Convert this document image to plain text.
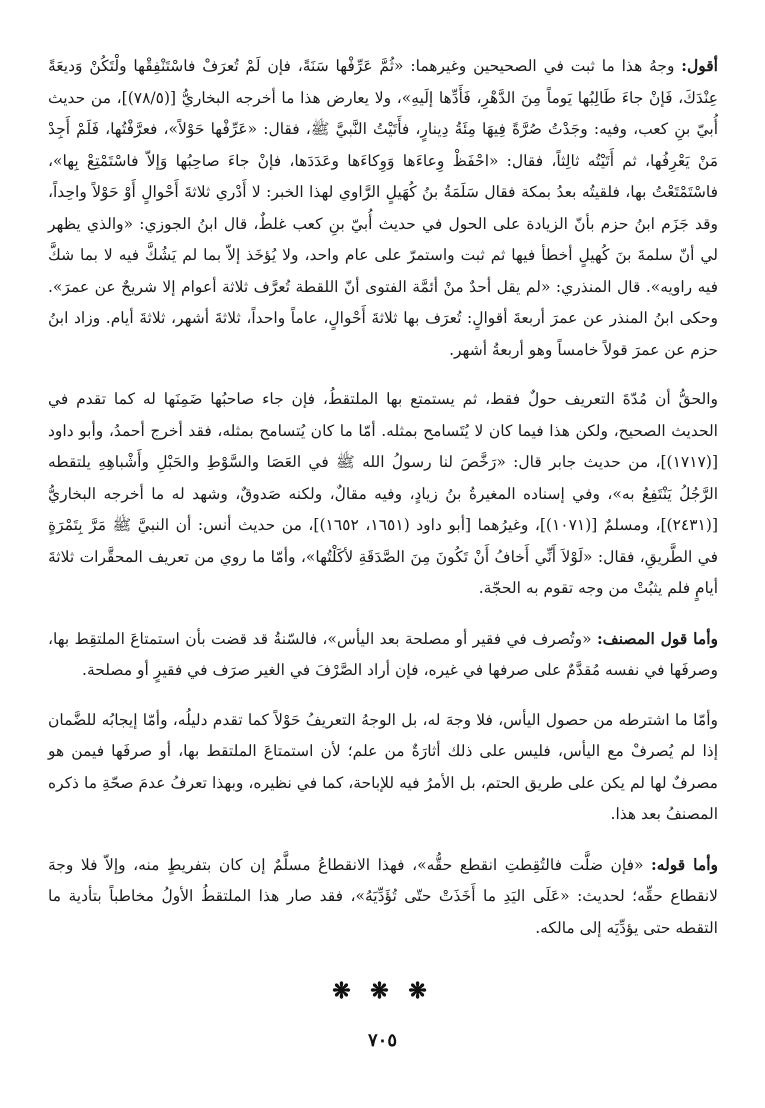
أقول: وجهُ هذا ما ثبت في الصحيحين وغيرهما: «ثُمَّ عَرِّفْها سَنَةً، فإن لَمْ تُعرَفْ فاسْتَنْفِقْها ولْتَكُنْ وَديعَةً عِنْدَكَ، فَإنْ جاءَ طَالِبُها يَوماً مِنَ الدَّهْرِ، فَأَدِّها إلَيهِ»، ولا يعارض هذا ما أخرجه البخاريُّ [(٧٨/٥)]، من حديث أُبيّ بنِ كعب، وفيه: وجَدْتُ صُرَّةً فِيهَا مِئَةُ دِينارٍ، فأَتَيْتُ النَّبيَّ ﷺ، فقال: «عَرِّفْها حَوْلاً»، فعرَّفْتُها، فَلَمْ أَجِدْ مَنْ يَعْرِفُها، ثم أَتَيْتُه ثالِثاً، فقال: «احْفَظْ وِعاءَها وَوِكاءَها وعَدَدَها، فإنْ جاءَ صاحِبُها وَإلاّ فاسْتَمْتِعْ بِها»، فاسْتَمْتَعْتُ بها، فلقيتُه بعدُ بمكة فقال سَلَمَةُ بنُ كُهَيلٍ الرَّاوي لهذا الخبر: لا أَدْري ثلاثةَ أَحْوالٍ أَوْ حَوْلاً واحِداً، وقد جَزَم ابنُ حزم بأنّ الزيادة على الحول في حديث أُبيّ بنِ كعب غلطٌ، قال ابنُ الجوزي: «والذي يظهر لي أنّ سلمةَ بنَ كُهيلٍ أخطأ فيها ثم ثبت واستمرّ على عام واحد، ولا يُؤخَذ إلاّ بما لم يَشُكَّ فيه لا بما شكَّ فيه راويه». قال المنذري: «لم يقل أحدٌ منْ أئمَّة الفتوى أنّ اللقطة تُعرَّف ثلاثة أعوام إلا شريحٌ عن عمرَ». وحكى ابنُ المنذر عن عمرَ أربعةَ أقوالٍ: تُعرَف بها ثلاثةَ أَحْوالٍ، عاماً واحداً، ثلاثةَ أشهر، ثلاثةَ أيام. وزاد ابنُ حزم عن عمرَ قولاً خامساً وهو أربعةُ أشهر.

والحقُّ أن مُدّةَ التعريف حولٌ فقط، ثم يستمتع بها الملتقطُ، فإن جاء صاحبُها ضَمِنَها له كما تقدم في الحديث الصحيح، ولكن هذا فيما كان لا يُتَسامح بمثله. أمّا ما كان يُتسامح بمثله، فقد أخرج أحمدُ، وأبو داود [(١٧١٧)]، من حديث جابر قال: «رَخَّصَ لنا رسولُ الله ﷺ في العَصَا والسَّوْطِ والحَبْلِ وأَشْباهِهِ يلتقطه الرَّجُلُ يَنْتَفِعُ به»، وفي إسناده المغيرةُ بنُ زيادٍ، وفيه مقالٌ، ولكنه صَدوقٌ، وشهد له ما أخرجه البخاريُّ [(٢٤٣١)]، ومسلمٌ [(١٠٧١)]، وغيرُهما [أبو داود (١٦٥١، ١٦٥٢)]، من حديث أنس: أن النبيَّ ﷺ مَرَّ بِتَمْرَةٍ في الطَّريقِ، فقال: «لَوْلاَ أَنِّي أَخافُ أَنْ تَكُونَ مِنَ الصَّدَقَةِ لأكَلْتُها»، وأمّا ما روي من تعريف المحقَّرات ثلاثةَ أيامٍ فلم يثبُتْ من وجه تقوم به الحجّة.

وأما قول المصنف: «وتُصرف في فقير أو مصلحة بعد اليأس»، فالسّنةُ قد قضت بأن استمتاعَ الملتقِط بها، وصرفَها في نفسه مُقدَّمٌ على صرفها في غيره، فإن أراد الصَّرْفَ في الغير صرَف في فقيرٍ أو مصلحة.

وأمّا ما اشترطه من حصول اليأس، فلا وجهَ له، بل الوجهُ التعريفُ حَوْلاً كما تقدم دليلُه، وأمّا إيجابُه للضَّمان إذا لم يُصرفْ مع اليأس، فليس على ذلك أثارَةٌ من علم؛ لأن استمتاعَ الملتقط بها، أو صرفَها فيمن هو مصرفٌ لها لم يكن على طريق الحتم، بل الأمرُ فيه للإباحة، كما في نظيره، وبهذا تعرفُ عدمَ صحّةِ ما ذكره المصنفُ بعد هذا.

وأما قوله: «فإن ضلَّت فالتُقِطتِ انقطع حقُّه»، فهذا الانقطاعُ مسلَّمٌ إن كان بتفريطٍ منه، وإلاّ فلا وجهَ لانقطاع حقِّه؛ لحديث: «عَلَى اليَدِ ما أَخَذَتْ حتّى تُؤَدِّيَهُ»، فقد صار هذا الملتقطُ الأولُ مخاطباً بتأدية ما التقطه حتى يؤدِّيَه إلى مالكه.

❋ ❋ ❋
٧٠٥
